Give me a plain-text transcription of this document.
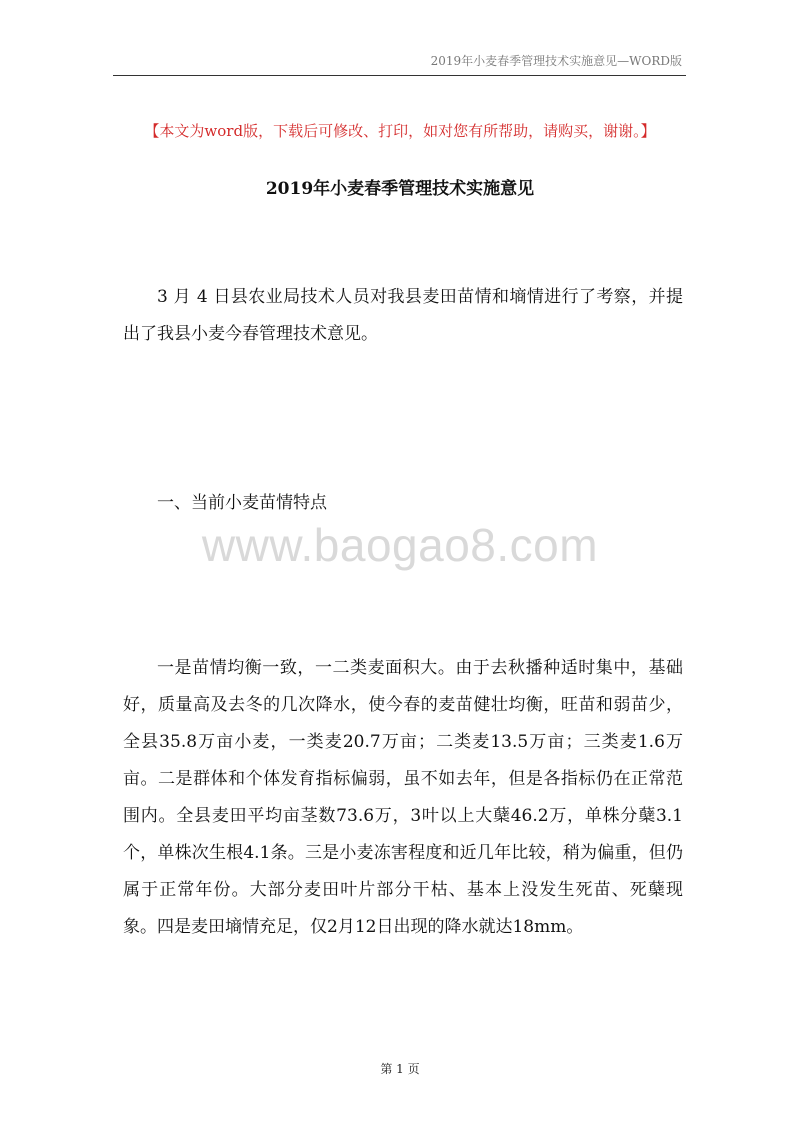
2019年小麦春季管理技术实施意见—WORD版
【本文为word版，下载后可修改、打印，如对您有所帮助，请购买，谢谢。】
2019年小麦春季管理技术实施意见

3 月 4 日县农业局技术人员对我县麦田苗情和墒情进行了考察，并提出了我县小麦今春管理技术意见。

一、当前小麦苗情特点

www.baogao8.com

一是苗情均衡一致，一二类麦面积大。由于去秋播种适时集中，基础好，质量高及去冬的几次降水，使今春的麦苗健壮均衡，旺苗和弱苗少，全县35.8万亩小麦，一类麦20.7万亩；二类麦13.5万亩；三类麦1.6万亩。二是群体和个体发育指标偏弱，虽不如去年，但是各指标仍在正常范围内。全县麦田平均亩茎数73.6万，3叶以上大蘖46.2万，单株分蘖3.1个，单株次生根4.1条。三是小麦冻害程度和近几年比较，稍为偏重，但仍属于正常年份。大部分麦田叶片部分干枯、基本上没发生死苗、死蘖现象。四是麦田墒情充足，仅2月12日出现的降水就达18mm。

第 1 页
